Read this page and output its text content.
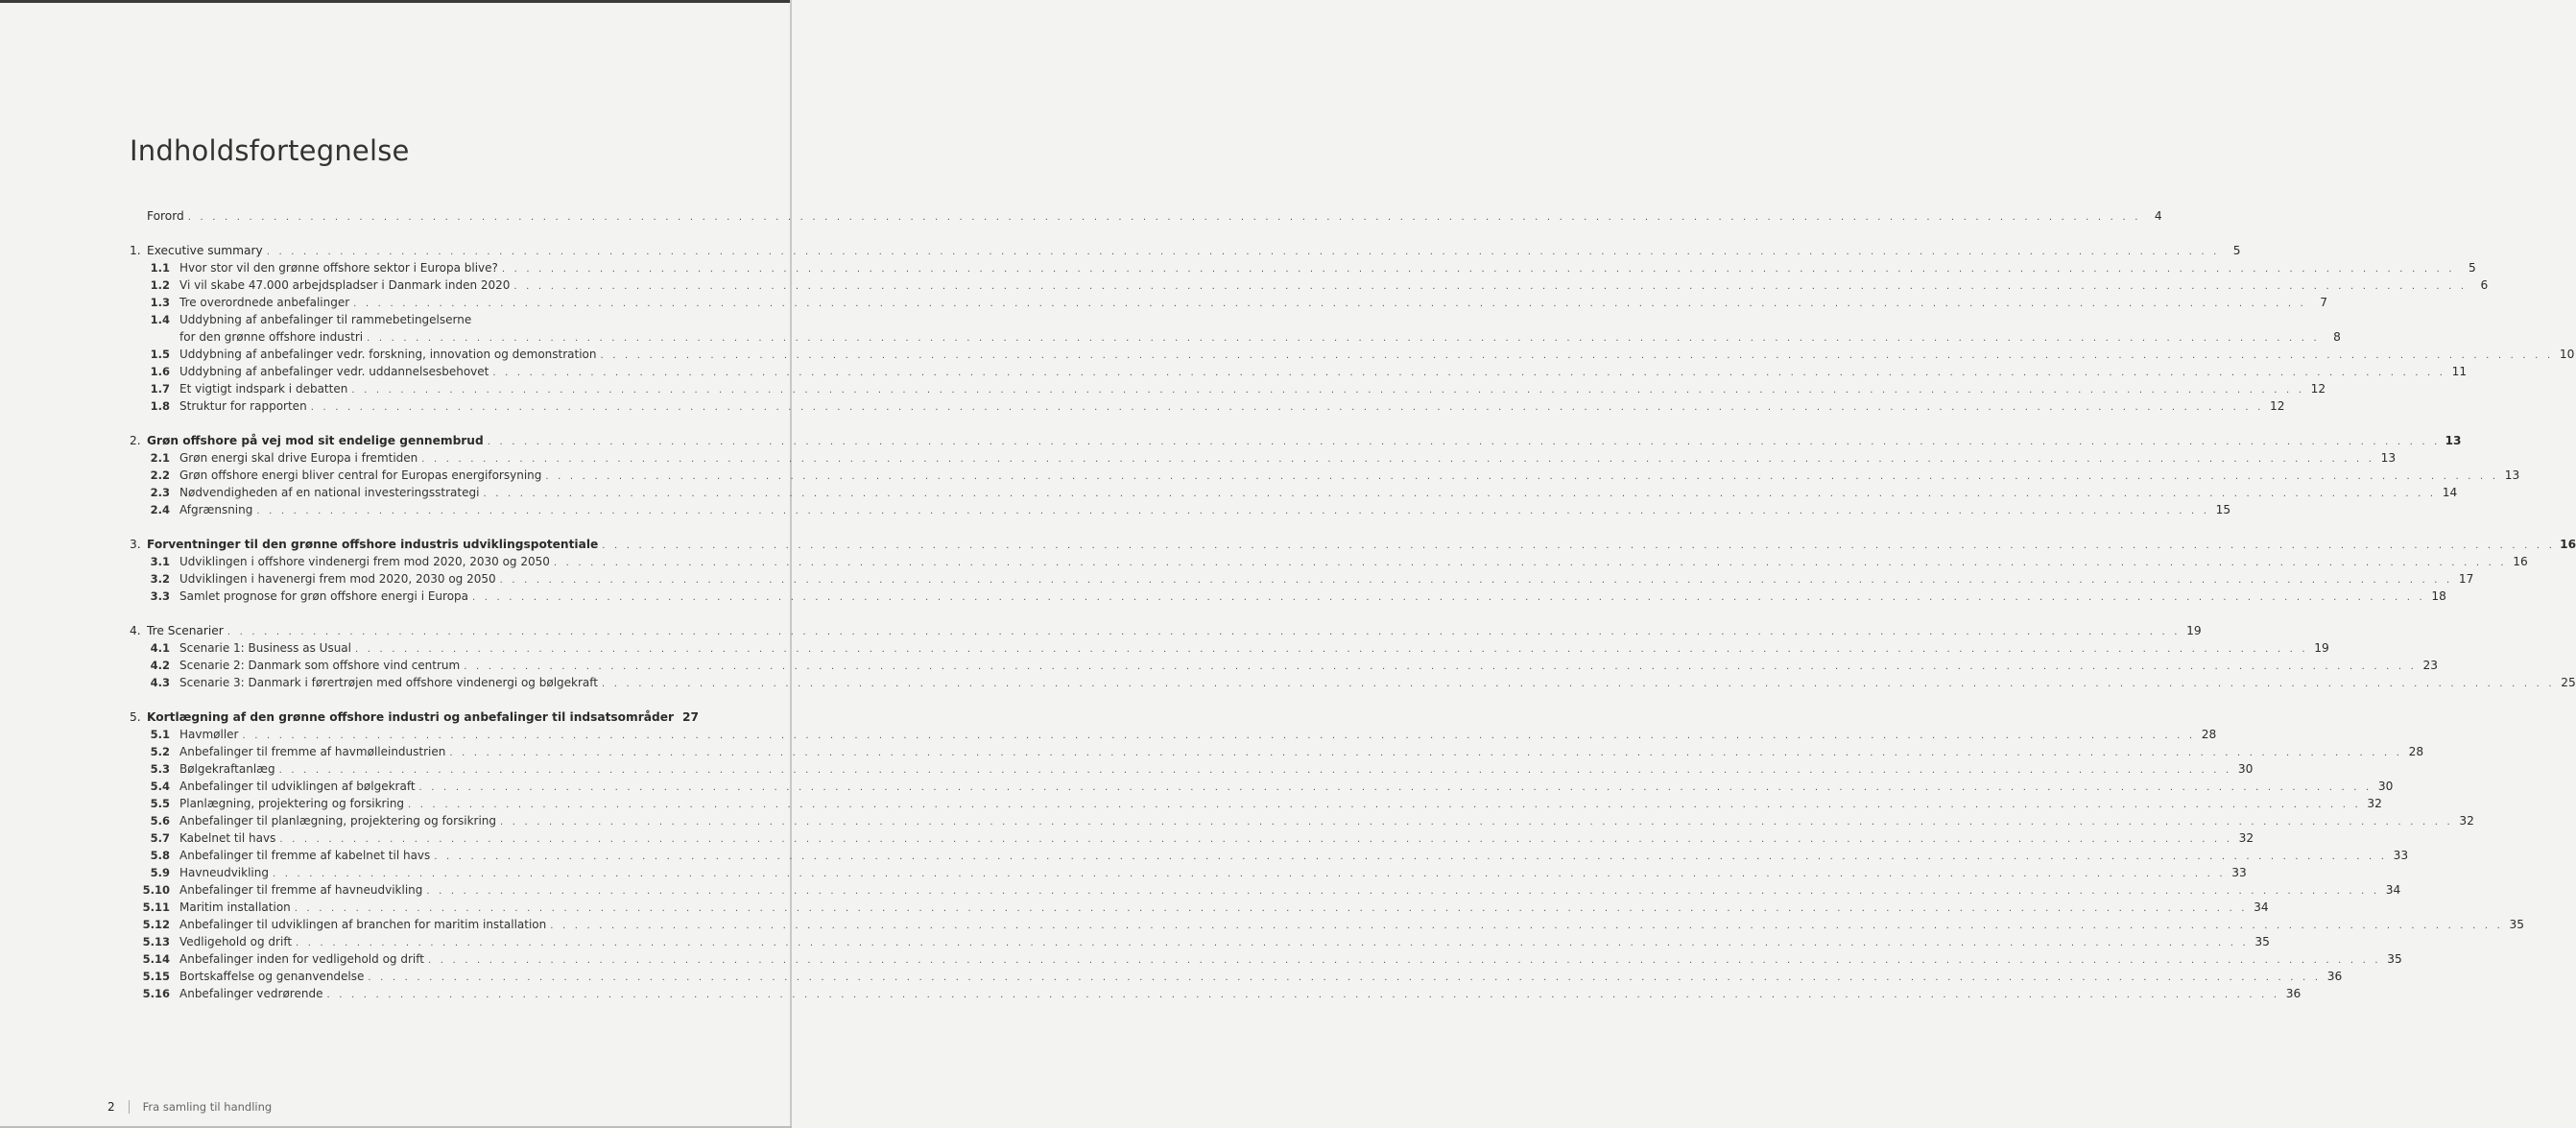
Indholdsfortegnelse
Forord . . . . . . . . . . . . . . . . . . . . . . . . . . . . . . . . . . . . . . . . . . . . . . . . . . . . . . . . . . . . . . . . . . . . . . . . . . . . . . . . . . . . . . . . . . . . . . . . . . . . . . . . . . . . . . . . . . . . . . . . . . . . . . . . . . . . . . . . . . . . . . . . . . . . . . . . . . . . . . . .	4
1. Executive summary . . . . . . . . . . . . . . . . . . . . . . . . . . . . . . . . . . . . . . . . . . . . . . . . . . . . . . . . . . . . . . . . . . . . . . . . . . . . . . . . . . . . . . . . . . . . . . . . . . . . . . . . . . . . . . . . . . . . . . . . . . . . . . . . . . . . . . . . . . . . . . . . . . . . . . . . . . . . . . . .	5
1.1 Hvor stor vil den grønne offshore sektor i Europa blive? . . . . . . . . . . . . . . . . . . . . . . . . . . . . . . . . . . . . . . . . . . . . . . . . . . . . . . . . . . . . . . . . . . . . . . . . . . . . . . . . . . . . . . . . . . . . . . . . . . . . . . . . . . . . . . . . . . . . . . . . . . . . . . . . . . . . . . . . . . . . . . . . . . . . . . . . . . . . . . . .	5
1.2 Vi vil skabe 47.000 arbejdspladser i Danmark inden 2020 . . . . . . . . . . . . . . . . . . . . . . . . . . . . . . . . . . . . . . . . . . . . . . . . . . . . . . . . . . . . . . . . . . . . . . . . . . . . . . . . . . . . . . . . . . . . . . . . . . . . . . . . . . . . . . . . . . . . . . . . . . . . . . . . . . . . . . . . . . . . . . . . . . . . . . . . . . . . . . . .	6
1.3 Tre overordnede anbefalinger . . . . . . . . . . . . . . . . . . . . . . . . . . . . . . . . . . . . . . . . . . . . . . . . . . . . . . . . . . . . . . . . . . . . . . . . . . . . . . . . . . . . . . . . . . . . . . . . . . . . . . . . . . . . . . . . . . . . . . . . . . . . . . . . . . . . . . . . . . . . . . . . . . . . . . . . . . . . . . . .	7
1.4 Uddybning af anbefalinger til rammebetingelserne
for den grønne offshore industri . . . . . . . . . . . . . . . . . . . . . . . . . . . . . . . . . . . . . . . . . . . . . . . . . . . . . . . . . . . . . . . . . . . . . . . . . . . . . . . . . . . . . . . . . . . . . . . . . . . . . . . . . . . . . . . . . . . . . . . . . . . . . . . . . . . . . . . . . . . . . . . . . . . . . . . . . . . . . . . .	8
1.5 Uddybning af anbefalinger vedr. forskning, innovation og demonstration . . . . . . . . . . . . . . . . . . . . . . . . . . . . . . . . . . . . . . . . . . . . . . . . . . . . . . . . . . . . . . . . . . . . . . . . . . . . . . . . . . . . . . . . . . . . . . . . . . . . . . . . . . . . . . . . . . . . . . . . . . . . . . . . . . . . . . . . . . . . . . . . . . . . . . . . . . . . . . . . 10
1.6 Uddybning af anbefalinger vedr. uddannelsesbehovet . . . . . . . . . . . . . . . . . . . . . . . . . . . . . . . . . . . . . . . . . . . . . . . . . . . . . . . . . . . . . . . . . . . . . . . . . . . . . . . . . . . . . . . . . . . . . . . . . . . . . . . . . . . . . . . . . . . . . . . . . . . . . . . . . . . . . . . . . . . . . . . . . . . . . . . . . . . . . . . . 11
1.7 Et vigtigt indspark i debatten . . . . . . . . . . . . . . . . . . . . . . . . . . . . . . . . . . . . . . . . . . . . . . . . . . . . . . . . . . . . . . . . . . . . . . . . . . . . . . . . . . . . . . . . . . . . . . . . . . . . . . . . . . . . . . . . . . . . . . . . . . . . . . . . . . . . . . . . . . . . . . . . . . . . . . . . . . . . . . . . 12
1.8 Struktur for rapporten . . . . . . . . . . . . . . . . . . . . . . . . . . . . . . . . . . . . . . . . . . . . . . . . . . . . . . . . . . . . . . . . . . . . . . . . . . . . . . . . . . . . . . . . . . . . . . . . . . . . . . . . . . . . . . . . . . . . . . . . . . . . . . . . . . . . . . . . . . . . . . . . . . . . . . . . . . . . . . . . 12
2. Grøn offshore på vej mod sit endelige gennembrud . . . . . . . . . . . . . . . . . . . . . . . . . . . . . . . . . . . . . . . . . . . . . . . . . . . . . . . . . . . . . . . . . . . . . . . . . . . . . . . . . . . . . . . . . . . . . . . . . . . . . . . . . . . . . . . . . . . . . . . . . . . . . . . . . . . . . . . . . . . . . . . . . . . . . . . . . . . . . . . . 13
2.1 Grøn energi skal drive Europa i fremtiden . . . . . . . . . . . . . . . . . . . . . . . . . . . . . . . . . . . . . . . . . . . . . . . . . . . . . . . . . . . . . . . . . . . . . . . . . . . . . . . . . . . . . . . . . . . . . . . . . . . . . . . . . . . . . . . . . . . . . . . . . . . . . . . . . . . . . . . . . . . . . . . . . . . . . . . . . . . . . . . . 13
2.2 Grøn offshore energi bliver central for Europas energiforsyning . . . . . . . . . . . . . . . . . . . . . . . . . . . . . . . . . . . . . . . . . . . . . . . . . . . . . . . . . . . . . . . . . . . . . . . . . . . . . . . . . . . . . . . . . . . . . . . . . . . . . . . . . . . . . . . . . . . . . . . . . . . . . . . . . . . . . . . . . . . . . . . . . . . . . . . . . . . . . . . . 13
2.3 Nødvendigheden af en national investeringsstrategi . . . . . . . . . . . . . . . . . . . . . . . . . . . . . . . . . . . . . . . . . . . . . . . . . . . . . . . . . . . . . . . . . . . . . . . . . . . . . . . . . . . . . . . . . . . . . . . . . . . . . . . . . . . . . . . . . . . . . . . . . . . . . . . . . . . . . . . . . . . . . . . . . . . . . . . . . . . . . . . . 14
2.4 Afgrænsning . . . . . . . . . . . . . . . . . . . . . . . . . . . . . . . . . . . . . . . . . . . . . . . . . . . . . . . . . . . . . . . . . . . . . . . . . . . . . . . . . . . . . . . . . . . . . . . . . . . . . . . . . . . . . . . . . . . . . . . . . . . . . . . . . . . . . . . . . . . . . . . . . . . . . . . . . . . . . . . . 15
3. Forventninger til den grønne offshore industris udviklingspotentiale . . . . . . . . . . . . . . . . . . . . . . . . . . . . . . . . . . . . . . . . . . . . . . . . . . . . . . . . . . . . . . . . . . . . . . . . . . . . . . . . . . . . . . . . . . . . . . . . . . . . . . . . . . . . . . . . . . . . . . . . . . . . . . . . . . . . . . . . . . . . . . . . . . . . . . . . . . . . . . . . 16
3.1 Udviklingen i offshore vindenergi frem mod 2020, 2030 og 2050 . . . . . . . . . . . . . . . . . . . . . . . . . . . . . . . . . . . . . . . . . . . . . . . . . . . . . . . . . . . . . . . . . . . . . . . . . . . . . . . . . . . . . . . . . . . . . . . . . . . . . . . . . . . . . . . . . . . . . . . . . . . . . . . . . . . . . . . . . . . . . . . . . . . . . . . . . . . . . . . . 16
3.2 Udviklingen i havenergi frem mod 2020, 2030 og 2050 . . . . . . . . . . . . . . . . . . . . . . . . . . . . . . . . . . . . . . . . . . . . . . . . . . . . . . . . . . . . . . . . . . . . . . . . . . . . . . . . . . . . . . . . . . . . . . . . . . . . . . . . . . . . . . . . . . . . . . . . . . . . . . . . . . . . . . . . . . . . . . . . . . . . . . . . . . . . . . . . 17
3.3 Samlet prognose for grøn offshore energi i Europa . . . . . . . . . . . . . . . . . . . . . . . . . . . . . . . . . . . . . . . . . . . . . . . . . . . . . . . . . . . . . . . . . . . . . . . . . . . . . . . . . . . . . . . . . . . . . . . . . . . . . . . . . . . . . . . . . . . . . . . . . . . . . . . . . . . . . . . . . . . . . . . . . . . . . . . . . . . . . . . . 18
4. Tre Scenarier . . . . . . . . . . . . . . . . . . . . . . . . . . . . . . . . . . . . . . . . . . . . . . . . . . . . . . . . . . . . . . . . . . . . . . . . . . . . . . . . . . . . . . . . . . . . . . . . . . . . . . . . . . . . . . . . . . . . . . . . . . . . . . . . . . . . . . . . . . . . . . . . . . . . . . . . . . . . . . . . 19
4.1 Scenarie 1: Business as Usual . . . . . . . . . . . . . . . . . . . . . . . . . . . . . . . . . . . . . . . . . . . . . . . . . . . . . . . . . . . . . . . . . . . . . . . . . . . . . . . . . . . . . . . . . . . . . . . . . . . . . . . . . . . . . . . . . . . . . . . . . . . . . . . . . . . . . . . . . . . . . . . . . . . . . . . . . . . . . . . . 19
4.2 Scenarie 2: Danmark som offshore vind centrum . . . . . . . . . . . . . . . . . . . . . . . . . . . . . . . . . . . . . . . . . . . . . . . . . . . . . . . . . . . . . . . . . . . . . . . . . . . . . . . . . . . . . . . . . . . . . . . . . . . . . . . . . . . . . . . . . . . . . . . . . . . . . . . . . . . . . . . . . . . . . . . . . . . . . . . . . . . . . . . . 23
4.3 Scenarie 3: Danmark i førertrøjen med offshore vindenergi og bølgekraft . . . . . . . . . . . . . . . . . . . . . . . . . . . . . . . . . . . . . . . . . . . . . . . . . . . . . . . . . . . . . . . . . . . . . . . . . . . . . . . . . . . . . . . . . . . . . . . . . . . . . . . . . . . . . . . . . . . . . . . . . . . . . . . . . . . . . . . . . . . . . . . . . . . . . . . . . . . . . . . . 25
5. Kortlægning af den grønne offshore industri og anbefalinger til indsatsområder 27
5.1 Havmøller . . . . . . . . . . . . . . . . . . . . . . . . . . . . . . . . . . . . . . . . . . . . . . . . . . . . . . . . . . . . . . . . . . . . . . . . . . . . . . . . . . . . . . . . . . . . . . . . . . . . . . . . . . . . . . . . . . . . . . . . . . . . . . . . . . . . . . . . . . . . . . . . . . . . . . . . . . . . . . . . 28
5.2 Anbefalinger til fremme af havmølleindustrien . . . . . . . . . . . . . . . . . . . . . . . . . . . . . . . . . . . . . . . . . . . . . . . . . . . . . . . . . . . . . . . . . . . . . . . . . . . . . . . . . . . . . . . . . . . . . . . . . . . . . . . . . . . . . . . . . . . . . . . . . . . . . . . . . . . . . . . . . . . . . . . . . . . . . . . . . . . . . . . . 28
5.3 Bølgekraftanlæg . . . . . . . . . . . . . . . . . . . . . . . . . . . . . . . . . . . . . . . . . . . . . . . . . . . . . . . . . . . . . . . . . . . . . . . . . . . . . . . . . . . . . . . . . . . . . . . . . . . . . . . . . . . . . . . . . . . . . . . . . . . . . . . . . . . . . . . . . . . . . . . . . . . . . . . . . . . . . . . . 30
5.4 Anbefalinger til udviklingen af bølgekraft . . . . . . . . . . . . . . . . . . . . . . . . . . . . . . . . . . . . . . . . . . . . . . . . . . . . . . . . . . . . . . . . . . . . . . . . . . . . . . . . . . . . . . . . . . . . . . . . . . . . . . . . . . . . . . . . . . . . . . . . . . . . . . . . . . . . . . . . . . . . . . . . . . . . . . . . . . . . . . . . 30
5.5 Planlægning, projektering og forsikring . . . . . . . . . . . . . . . . . . . . . . . . . . . . . . . . . . . . . . . . . . . . . . . . . . . . . . . . . . . . . . . . . . . . . . . . . . . . . . . . . . . . . . . . . . . . . . . . . . . . . . . . . . . . . . . . . . . . . . . . . . . . . . . . . . . . . . . . . . . . . . . . . . . . . . . . . . . . . . . . 32
5.6 Anbefalinger til planlægning, projektering og forsikring . . . . . . . . . . . . . . . . . . . . . . . . . . . . . . . . . . . . . . . . . . . . . . . . . . . . . . . . . . . . . . . . . . . . . . . . . . . . . . . . . . . . . . . . . . . . . . . . . . . . . . . . . . . . . . . . . . . . . . . . . . . . . . . . . . . . . . . . . . . . . . . . . . . . . . . . . . . . . . . . 32
5.7 Kabelnet til havs . . . . . . . . . . . . . . . . . . . . . . . . . . . . . . . . . . . . . . . . . . . . . . . . . . . . . . . . . . . . . . . . . . . . . . . . . . . . . . . . . . . . . . . . . . . . . . . . . . . . . . . . . . . . . . . . . . . . . . . . . . . . . . . . . . . . . . . . . . . . . . . . . . . . . . . . . . . . . . . . 32
5.8 Anbefalinger til fremme af kabelnet til havs . . . . . . . . . . . . . . . . . . . . . . . . . . . . . . . . . . . . . . . . . . . . . . . . . . . . . . . . . . . . . . . . . . . . . . . . . . . . . . . . . . . . . . . . . . . . . . . . . . . . . . . . . . . . . . . . . . . . . . . . . . . . . . . . . . . . . . . . . . . . . . . . . . . . . . . . . . . . . . . . 33
5.9 Havneudvikling . . . . . . . . . . . . . . . . . . . . . . . . . . . . . . . . . . . . . . . . . . . . . . . . . . . . . . . . . . . . . . . . . . . . . . . . . . . . . . . . . . . . . . . . . . . . . . . . . . . . . . . . . . . . . . . . . . . . . . . . . . . . . . . . . . . . . . . . . . . . . . . . . . . . . . . . . . . . . . . . 33
5.10 Anbefalinger til fremme af havneudvikling . . . . . . . . . . . . . . . . . . . . . . . . . . . . . . . . . . . . . . . . . . . . . . . . . . . . . . . . . . . . . . . . . . . . . . . . . . . . . . . . . . . . . . . . . . . . . . . . . . . . . . . . . . . . . . . . . . . . . . . . . . . . . . . . . . . . . . . . . . . . . . . . . . . . . . . . . . . . . . . . 34
5.11 Maritim installation . . . . . . . . . . . . . . . . . . . . . . . . . . . . . . . . . . . . . . . . . . . . . . . . . . . . . . . . . . . . . . . . . . . . . . . . . . . . . . . . . . . . . . . . . . . . . . . . . . . . . . . . . . . . . . . . . . . . . . . . . . . . . . . . . . . . . . . . . . . . . . . . . . . . . . . . . . . . . . . . 34
5.12 Anbefalinger til udviklingen af branchen for maritim installation . . . . . . . . . . . . . . . . . . . . . . . . . . . . . . . . . . . . . . . . . . . . . . . . . . . . . . . . . . . . . . . . . . . . . . . . . . . . . . . . . . . . . . . . . . . . . . . . . . . . . . . . . . . . . . . . . . . . . . . . . . . . . . . . . . . . . . . . . . . . . . . . . . . . . . . . . . . . . . . . 35
5.13 Vedligehold og drift . . . . . . . . . . . . . . . . . . . . . . . . . . . . . . . . . . . . . . . . . . . . . . . . . . . . . . . . . . . . . . . . . . . . . . . . . . . . . . . . . . . . . . . . . . . . . . . . . . . . . . . . . . . . . . . . . . . . . . . . . . . . . . . . . . . . . . . . . . . . . . . . . . . . . . . . . . . . . . . . 35
5.14 Anbefalinger inden for vedligehold og drift . . . . . . . . . . . . . . . . . . . . . . . . . . . . . . . . . . . . . . . . . . . . . . . . . . . . . . . . . . . . . . . . . . . . . . . . . . . . . . . . . . . . . . . . . . . . . . . . . . . . . . . . . . . . . . . . . . . . . . . . . . . . . . . . . . . . . . . . . . . . . . . . . . . . . . . . . . . . . . . . 35
5.15 Bortskaffelse og genanvendelse . . . . . . . . . . . . . . . . . . . . . . . . . . . . . . . . . . . . . . . . . . . . . . . . . . . . . . . . . . . . . . . . . . . . . . . . . . . . . . . . . . . . . . . . . . . . . . . . . . . . . . . . . . . . . . . . . . . . . . . . . . . . . . . . . . . . . . . . . . . . . . . . . . . . . . . . . . . . . . . . 36
5.16 Anbefalinger vedrørende . . . . . . . . . . . . . . . . . . . . . . . . . . . . . . . . . . . . . . . . . . . . . . . . . . . . . . . . . . . . . . . . . . . . . . . . . . . . . . . . . . . . . . . . . . . . . . . . . . . . . . . . . . . . . . . . . . . . . . . . . . . . . . . . . . . . . . . . . . . . . . . . . . . . . . . . . . . . . . . . 36
2	Fra samling til handling
